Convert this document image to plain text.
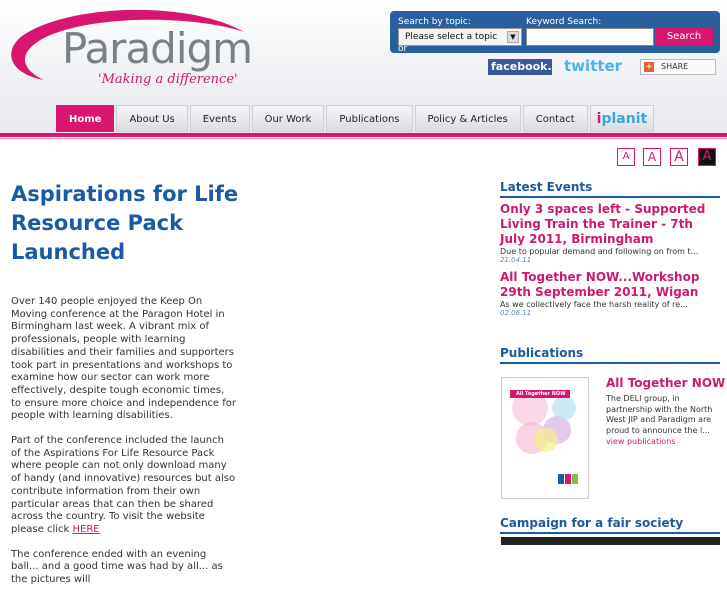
Paradigm
'Making a difference'
Search by topic:	Keyword Search:
Please select a topic	▼	Search
or
facebook. twitter	+ SHARE
Home	About Us	Events	Our Work	Publications	Policy & Articles	Contact	iplanit
A	A	A	A
Aspirations for Life Resource Pack Launched

Over 140 people enjoyed the Keep On Moving conference at the Paragon Hotel in Birmingham last week. A vibrant mix of professionals, people with learning disabilities and their families and supporters took part in presentations and workshops to examine how our sector can work more effectively, despite tough economic times, to ensure more choice and independence for people with learning disabilities.

Part of the conference included the launch of the Aspirations For Life Resource Pack where people can not only download many of handy (and innovative) resources but also contribute information from their own particular areas that can then be shared across the country. To visit the website please click HERE

The conference ended with an evening ball... and a good time was had by all... as the pictures will

Latest Events
Only 3 spaces left - Supported Living Train the Trainer - 7th July 2011, Birmingham
Due to popular demand and following on from t...
21.04.11
All Together NOW...Workshop 29th September 2011, Wigan
As we collectively face the harsh reality of re...
02.06.11
Publications
All Together NOW
All Together NOW
The DELI group, in partnership with the North West JIP and Paradigm are proud to announce the l...
view publications
Campaign for a fair society
